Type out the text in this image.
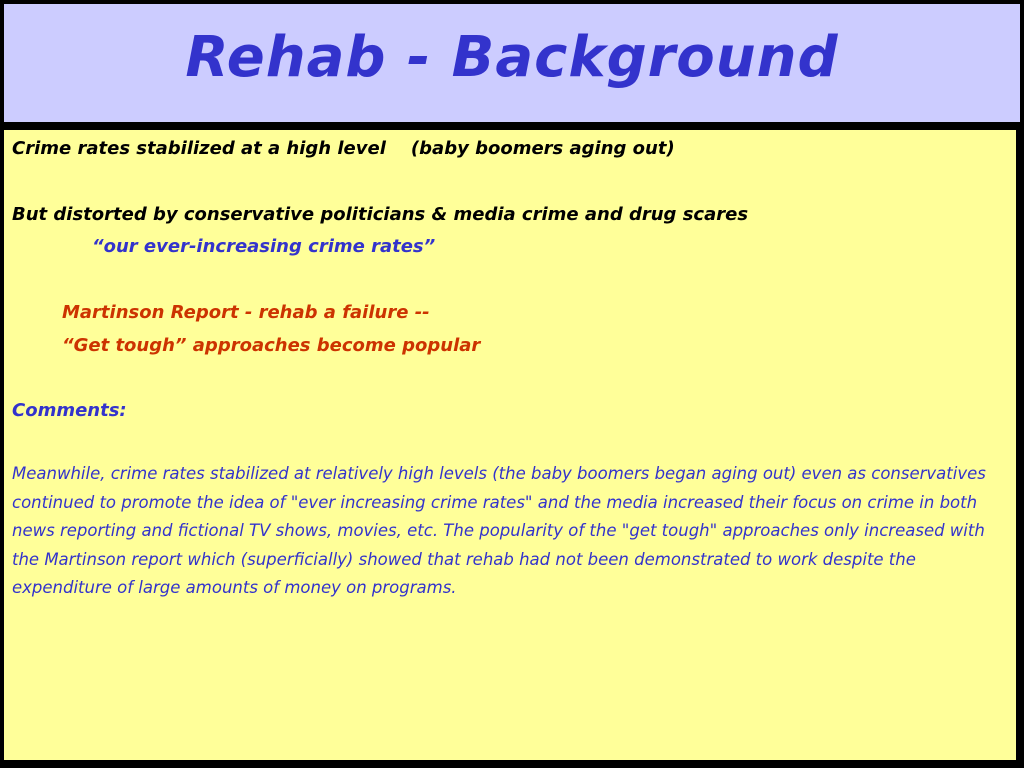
Rehab - Background
Crime rates stabilized at a high level    (baby boomers aging out)
But distorted by conservative politicians & media crime and drug scares
“our ever-increasing crime rates”
Martinson Report - rehab a failure --
“Get tough” approaches become popular
Comments:
Meanwhile, crime rates stabilized at relatively high levels (the baby boomers began aging out) even as conservatives continued to promote the idea of "ever increasing crime rates" and the media increased their focus on crime in both news reporting and fictional TV shows, movies, etc. The popularity of the "get tough" approaches only increased with the Martinson report which (superficially) showed that rehab had not been demonstrated to work despite the expenditure of large amounts of money on programs.
